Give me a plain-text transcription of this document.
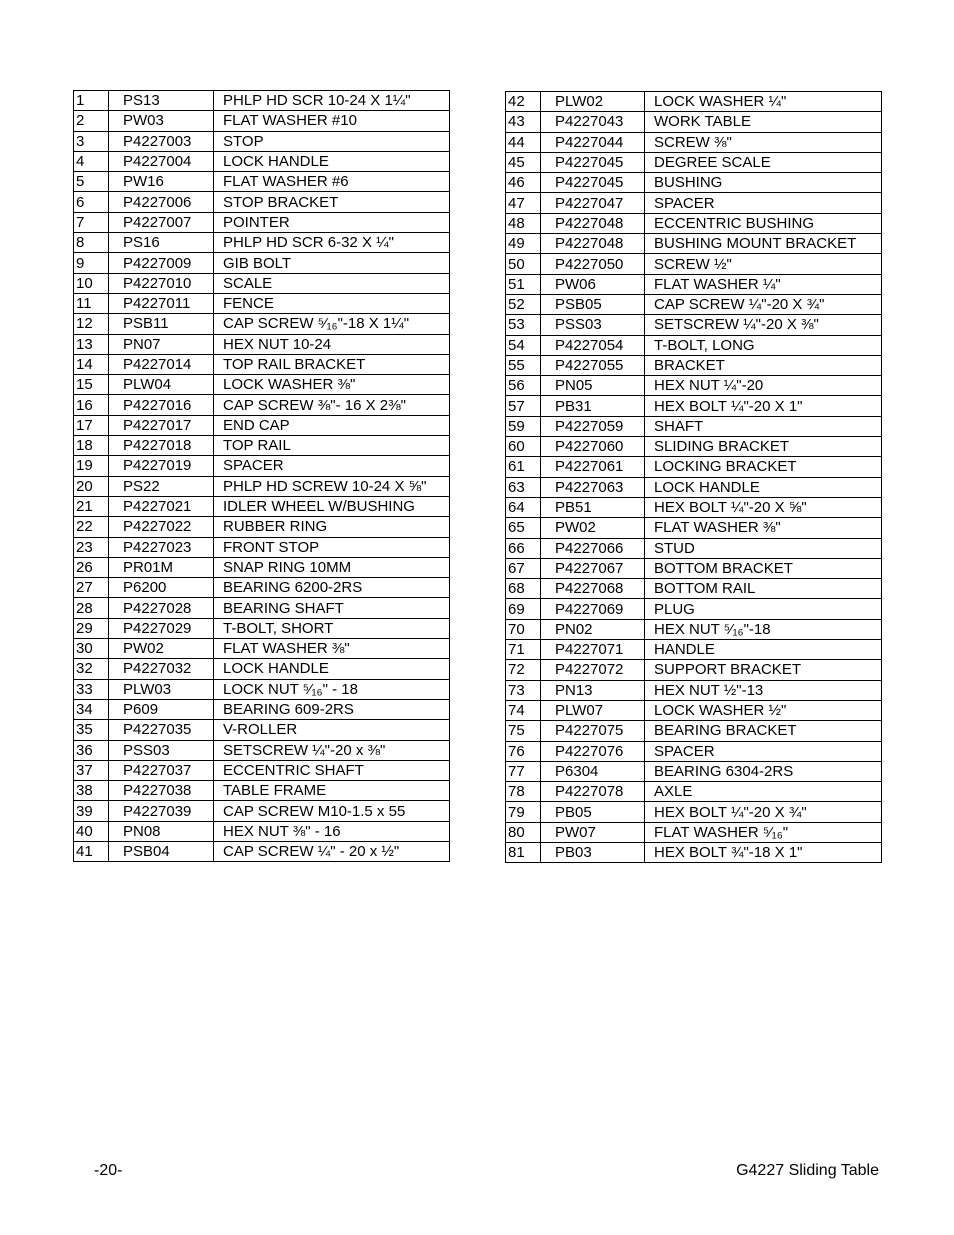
1	PS13	PHLP HD SCR 10-24 X 1¼"
2	PW03	FLAT WASHER #10
3	P4227003	STOP
4	P4227004	LOCK HANDLE
5	PW16	FLAT WASHER #6
6	P4227006	STOP BRACKET
7	P4227007	POINTER
8	PS16	PHLP HD SCR 6-32 X ¼"
9	P4227009	GIB BOLT
10	P4227010	SCALE
11	P4227011	FENCE
12	PSB11	CAP SCREW ⁵⁄₁₆"-18 X 1¼"
13	PN07	HEX NUT 10-24
14	P4227014	TOP RAIL BRACKET
15	PLW04	LOCK WASHER ⅜"
16	P4227016	CAP SCREW ⅜"- 16 X 2⅜"
17	P4227017	END CAP
18	P4227018	TOP RAIL
19	P4227019	SPACER
20	PS22	PHLP HD SCREW 10-24 X ⅝"
21	P4227021	IDLER WHEEL W/BUSHING
22	P4227022	RUBBER RING
23	P4227023	FRONT STOP
26	PR01M	SNAP RING 10MM
27	P6200	BEARING 6200-2RS
28	P4227028	BEARING SHAFT
29	P4227029	T-BOLT, SHORT
30	PW02	FLAT WASHER ⅜"
32	P4227032	LOCK HANDLE
33	PLW03	LOCK NUT ⁵⁄₁₆" - 18
34	P609	BEARING 609-2RS
35	P4227035	V-ROLLER
36	PSS03	SETSCREW ¼"-20 x ⅜"
37	P4227037	ECCENTRIC SHAFT
38	P4227038	TABLE FRAME
39	P4227039	CAP SCREW M10-1.5 x 55
40	PN08	HEX NUT ⅜" - 16
41	PSB04	CAP SCREW ¼" - 20 x ½"
42	PLW02	LOCK WASHER ¼"
43	P4227043	WORK TABLE
44	P4227044	SCREW ⅜"
45	P4227045	DEGREE SCALE
46	P4227045	BUSHING
47	P4227047	SPACER
48	P4227048	ECCENTRIC BUSHING
49	P4227048	BUSHING MOUNT BRACKET
50	P4227050	SCREW ½"
51	PW06	FLAT WASHER ¼"
52	PSB05	CAP SCREW ¼"-20 X ¾"
53	PSS03	SETSCREW ¼"-20 X ⅜"
54	P4227054	T-BOLT, LONG
55	P4227055	BRACKET
56	PN05	HEX NUT ¼"-20
57	PB31	HEX BOLT ¼"-20 X 1"
59	P4227059	SHAFT
60	P4227060	SLIDING BRACKET
61	P4227061	LOCKING BRACKET
63	P4227063	LOCK HANDLE
64	PB51	HEX BOLT ¼"-20 X ⅝"
65	PW02	FLAT WASHER ⅜"
66	P4227066	STUD
67	P4227067	BOTTOM BRACKET
68	P4227068	BOTTOM RAIL
69	P4227069	PLUG
70	PN02	HEX NUT ⁵⁄₁₆"-18
71	P4227071	HANDLE
72	P4227072	SUPPORT BRACKET
73	PN13	HEX NUT ½"-13
74	PLW07	LOCK WASHER ½"
75	P4227075	BEARING BRACKET
76	P4227076	SPACER
77	P6304	BEARING 6304-2RS
78	P4227078	AXLE
79	PB05	HEX BOLT ¼"-20 X ¾"
80	PW07	FLAT WASHER ⁵⁄₁₆"
81	PB03	HEX BOLT ¾"-18 X 1"
-20-	G4227 Sliding Table
